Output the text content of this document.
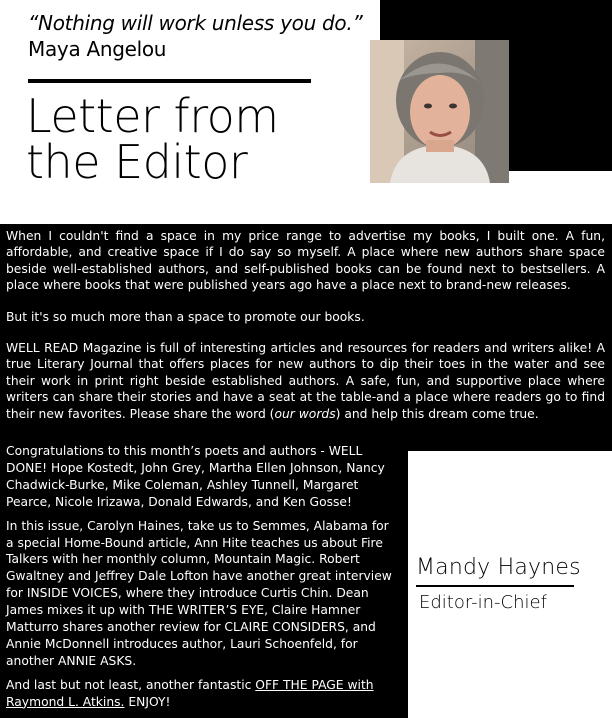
“Nothing will work unless you do.” Maya Angelou
Letter from
the Editor

When I couldn't find a space in my price range to advertise my books, I built one. A fun, affordable, and creative space if I do say so myself. A place where new authors share space beside well-established authors, and self-published books can be found next to bestsellers. A place where books that were published years ago have a place next to brand-new releases.

But it's so much more than a space to promote our books.

WELL READ Magazine is full of interesting articles and resources for readers and writers alike! A true Literary Journal that offers places for new authors to dip their toes in the water and see their work in print right beside established authors. A safe, fun, and supportive place where writers can share their stories and have a seat at the table-and a place where readers go to find their new favorites. Please share the word (our words) and help this dream come true.

Congratulations to this month’s poets and authors - WELL DONE! Hope Kostedt, John Grey, Martha Ellen Johnson, Nancy Chadwick-Burke, Mike Coleman, Ashley Tunnell, Margaret Pearce, Nicole Irizawa, Donald Edwards, and Ken Gosse!

In this issue, Carolyn Haines, take us to Semmes, Alabama for a special Home-Bound article, Ann Hite teaches us about Fire Talkers with her monthly column, Mountain Magic. Robert Gwaltney and Jeffrey Dale Lofton have another great interview for INSIDE VOICES, where they introduce Curtis Chin. Dean James mixes it up with THE WRITER’S EYE, Claire Hamner Matturro shares another review for CLAIRE CONSIDERS, and Annie McDonnell introduces author, Lauri Schoenfeld, for another ANNIE ASKS.

And last but not least, another fantastic OFF THE PAGE with Raymond L. Atkins. ENJOY!

Mandy Haynes
Editor-in-Chief
